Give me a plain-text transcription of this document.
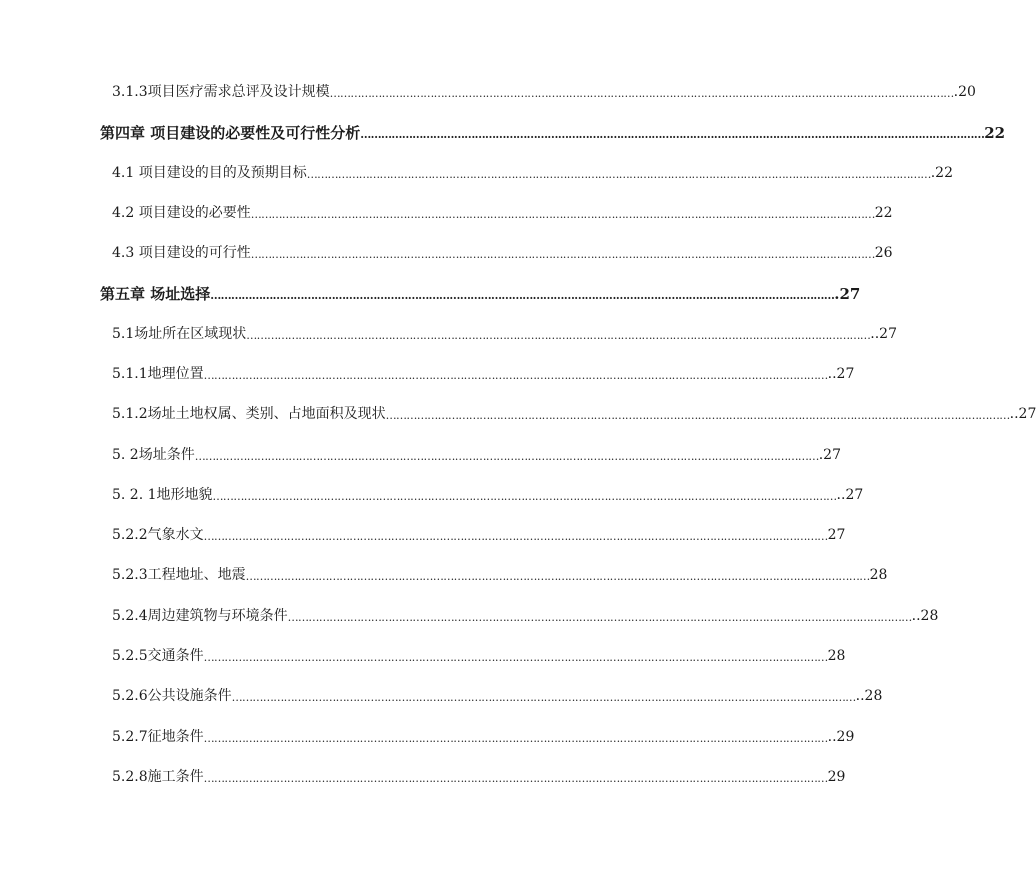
3.1.3项目医疗需求总评及设计规模 ……………………………………………………………………………………………………………………………………………………………… .20
第四章 项目建设的必要性及可行性分析 ……………………………………………………………………………………………………………………………………………………………… 22
4.1 项目建设的目的及预期目标 ……………………………………………………………………………………………………………………………………………………………… .22
4.2 项目建设的必要性 ……………………………………………………………………………………………………………………………………………………………… 22
4.3 项目建设的可行性 ……………………………………………………………………………………………………………………………………………………………… 26
第五章 场址选择 ……………………………………………………………………………………………………………………………………………………………… .27
5.1场址所在区域现状 ……………………………………………………………………………………………………………………………………………………………… ..27
5.1.1地理位置 ……………………………………………………………………………………………………………………………………………………………… ..27
5.1.2场址土地权属、类别、占地面积及现状 ……………………………………………………………………………………………………………………………………………………………… ..27
5. 2场址条件 ……………………………………………………………………………………………………………………………………………………………… .27
5. 2. 1地形地貌 ……………………………………………………………………………………………………………………………………………………………… ..27
5.2.2气象水文 ……………………………………………………………………………………………………………………………………………………………… 27
5.2.3工程地址、地震 ……………………………………………………………………………………………………………………………………………………………… 28
5.2.4周边建筑物与环境条件 ……………………………………………………………………………………………………………………………………………………………… ..28
5.2.5交通条件 ……………………………………………………………………………………………………………………………………………………………… 28
5.2.6公共设施条件 ……………………………………………………………………………………………………………………………………………………………… ..28
5.2.7征地条件 ……………………………………………………………………………………………………………………………………………………………… ..29
5.2.8施工条件 ……………………………………………………………………………………………………………………………………………………………… 29
